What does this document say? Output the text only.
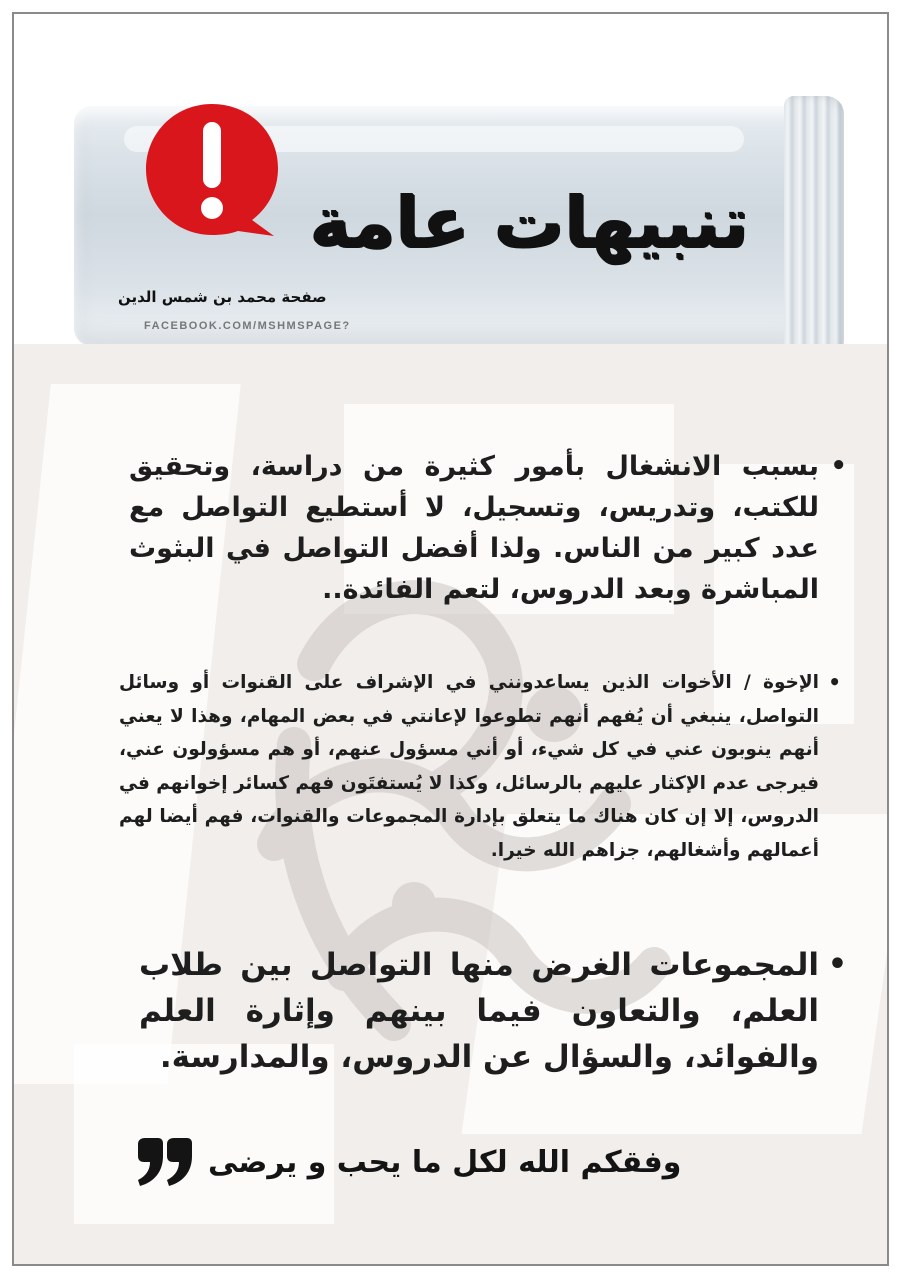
تنبيهات عامة
صفحة محمد بن شمس الدين
FACEBOOK.COM/MSHMSPAGE?

•
بسبب الانشغال بأمور كثيرة من دراسة، وتحقيق للكتب، وتدريس، وتسجيل، لا أستطيع التواصل مع عدد كبير من الناس. ولذا أفضل التواصل في البثوث المباشرة وبعد الدروس، لتعم الفائدة..

•
الإخوة / الأخوات الذين يساعدونني في الإشراف على القنوات أو وسائل التواصل، ينبغي أن يُفهم أنهم تطوعوا لإعانتي في بعض المهام، وهذا لا يعني أنهم ينوبون عني في كل شيء، أو أني مسؤول عنهم، أو هم مسؤولون عني، فيرجى عدم الإكثار عليهم بالرسائل، وكذا لا يُستفتَون فهم كسائر إخوانهم في الدروس، إلا إن كان هناك ما يتعلق بإدارة المجموعات والقنوات، فهم أيضا لهم أعمالهم وأشغالهم، جزاهم الله خيرا.

•
المجموعات الغرض منها التواصل بين طلاب العلم، والتعاون فيما بينهم وإثارة العلم والفوائد، والسؤال عن الدروس، والمدارسة.

وفقكم الله لكل ما يحب و يرضى
